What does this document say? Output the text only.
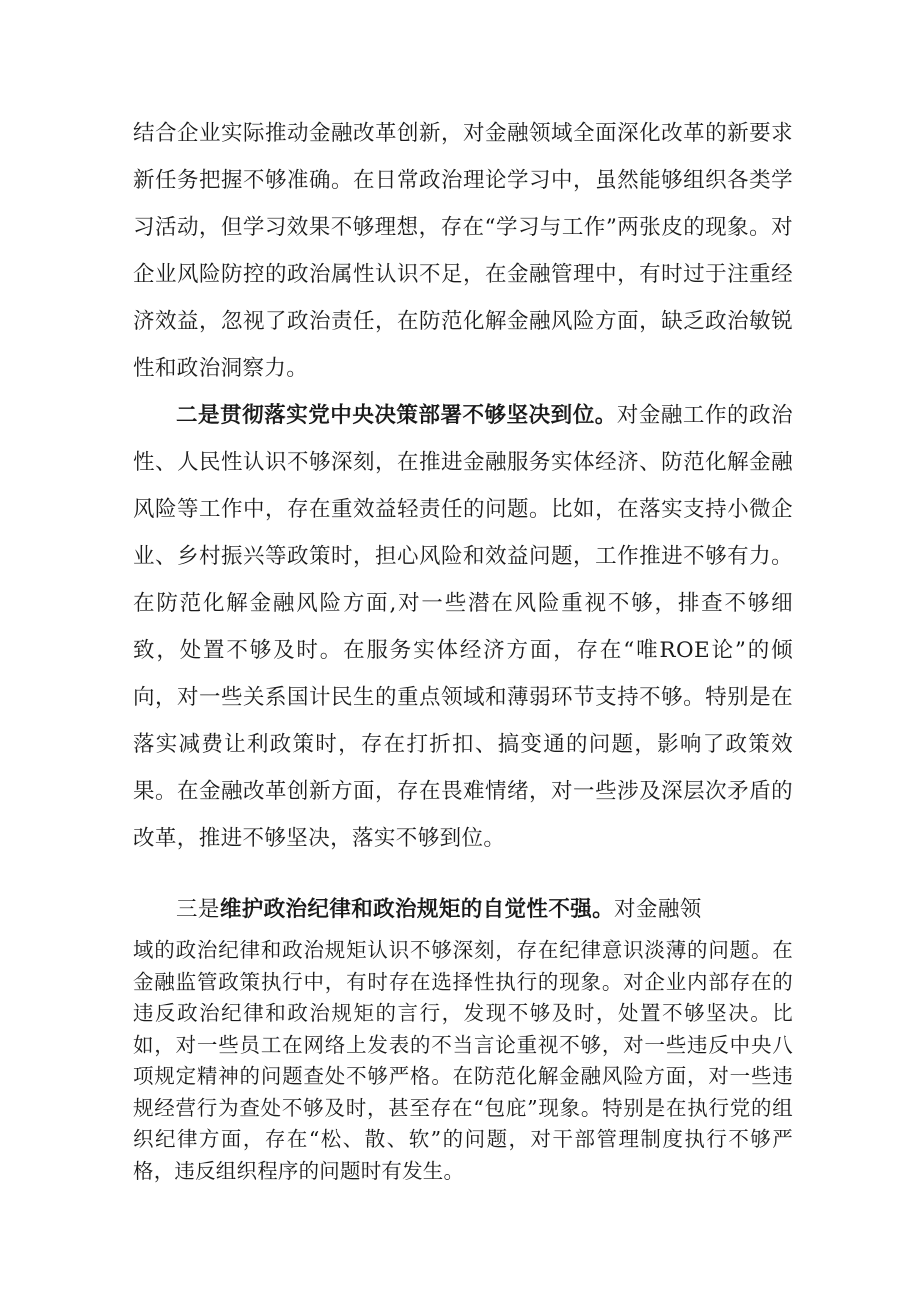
结合企业实际推动金融改革创新，对金融领域全面深化改革的新要求新任务把握不够准确。在日常政治理论学习中，虽然能够组织各类学习活动，但学习效果不够理想，存在“学习与工作”两张皮的现象。对企业风险防控的政治属性认识不足，在金融管理中，有时过于注重经济效益，忽视了政治责任，在防范化解金融风险方面，缺乏政治敏锐性和政治洞察力。

二是贯彻落实党中央决策部署不够坚决到位。对金融工作的政治性、人民性认识不够深刻，在推进金融服务实体经济、防范化解金融风险等工作中，存在重效益轻责任的问题。比如，在落实支持小微企业、乡村振兴等政策时，担心风险和效益问题，工作推进不够有力。在防范化解金融风险方面,对一些潜在风险重视不够，排查不够细致，处置不够及时。在服务实体经济方面，存在“唯ROE论”的倾向，对一些关系国计民生的重点领域和薄弱环节支持不够。特别是在落实减费让利政策时，存在打折扣、搞变通的问题，影响了政策效果。在金融改革创新方面，存在畏难情绪，对一些涉及深层次矛盾的改革，推进不够坚决，落实不够到位。

三是维护政治纪律和政治规矩的自觉性不强。对金融领

域的政治纪律和政治规矩认识不够深刻，存在纪律意识淡薄的问题。在金融监管政策执行中，有时存在选择性执行的现象。对企业内部存在的违反政治纪律和政治规矩的言行，发现不够及时，处置不够坚决。比如，对一些员工在网络上发表的不当言论重视不够，对一些违反中央八项规定精神的问题查处不够严格。在防范化解金融风险方面，对一些违规经营行为查处不够及时，甚至存在“包庇”现象。特别是在执行党的组织纪律方面，存在“松、散、软”的问题，对干部管理制度执行不够严格，违反组织程序的问题时有发生。
